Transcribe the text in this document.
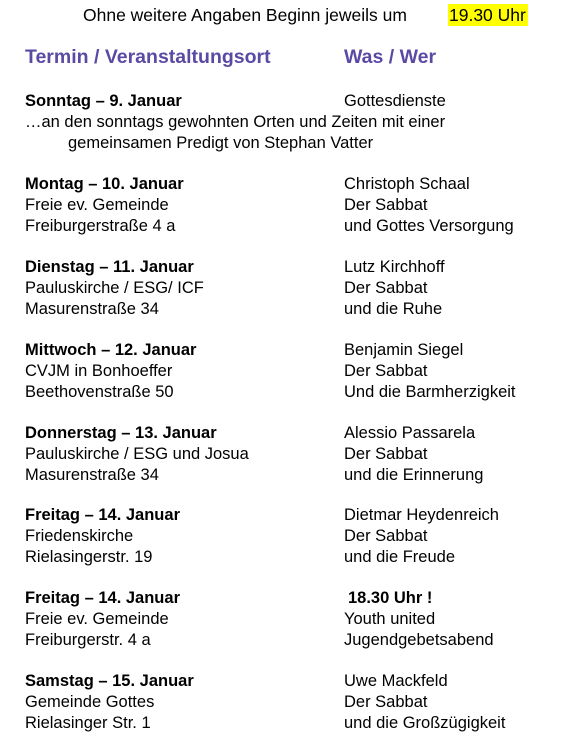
Ohne weitere Angaben Beginn jeweils um 19.30 Uhr
Termin / Veranstaltungsort	Was / Wer
Sonntag – 9. Januar	Gottesdienste
…an den sonntags gewohnten Orten und Zeiten mit einer
gemeinsamen Predigt von Stephan Vatter
Montag – 10. Januar
Freie ev. Gemeinde
Freiburgerstraße 4 a
Christoph Schaal
Der Sabbat
und Gottes Versorgung
Dienstag – 11. Januar
Pauluskirche / ESG/ ICF
Masurenstraße 34
Lutz Kirchhoff
Der Sabbat
und die Ruhe
Mittwoch – 12. Januar
CVJM in Bonhoeffer
Beethovenstraße 50
Benjamin Siegel
Der Sabbat
Und die Barmherzigkeit
Donnerstag – 13. Januar
Pauluskirche / ESG und Josua
Masurenstraße 34
Alessio Passarela
Der Sabbat
und die Erinnerung
Freitag – 14. Januar
Friedenskirche
Rielasingerstr. 19
Dietmar Heydenreich
Der Sabbat
und die Freude
Freitag – 14. Januar
Freie ev. Gemeinde
Freiburgerstr. 4 a
18.30 Uhr !
Youth united
Jugendgebetsabend
Samstag – 15. Januar
Gemeinde Gottes
Rielasinger Str. 1
Uwe Mackfeld
Der Sabbat
und die Großzügigkeit
